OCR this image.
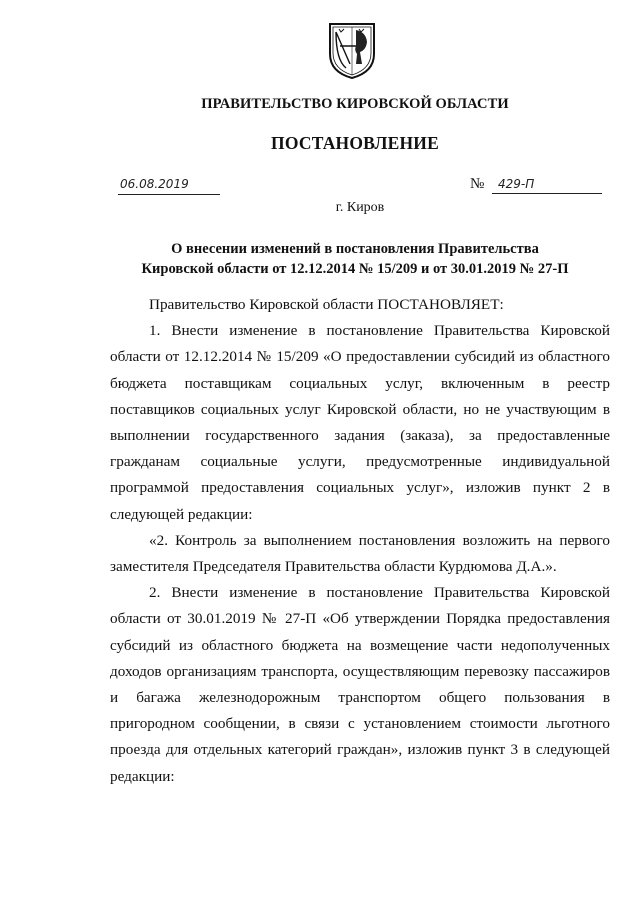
ПРАВИТЕЛЬСТВО КИРОВСКОЙ ОБЛАСТИ
ПОСТАНОВЛЕНИЕ
06.08.2019	№	429-П
г. Киров
О внесении изменений в постановления Правительства
Кировской области от 12.12.2014 № 15/209 и от 30.01.2019 № 27-П

Правительство Кировской области ПОСТАНОВЛЯЕТ:

1. Внести изменение в постановление Правительства Кировской области от 12.12.2014 № 15/209 «О предоставлении субсидий из областного бюджета поставщикам социальных услуг, включенным в реестр поставщиков социальных услуг Кировской области, но не участвующим в выполнении государственного задания (заказа), за предоставленные гражданам социальные услуги, предусмотренные индивидуальной программой предоставления социальных услуг», изложив пункт 2 в следующей редакции:

«2. Контроль за выполнением постановления возложить на первого заместителя Председателя Правительства области Курдюмова Д.А.».

2. Внести изменение в постановление Правительства Кировской области от 30.01.2019 № 27-П «Об утверждении Порядка предоставления субсидий из областного бюджета на возмещение части недополученных доходов организациям транспорта, осуществляющим перевозку пассажиров и багажа железнодорожным транспортом общего пользования в пригородном сообщении, в связи с установлением стоимости льготного проезда для отдельных категорий граждан», изложив пункт 3 в следующей редакции:
